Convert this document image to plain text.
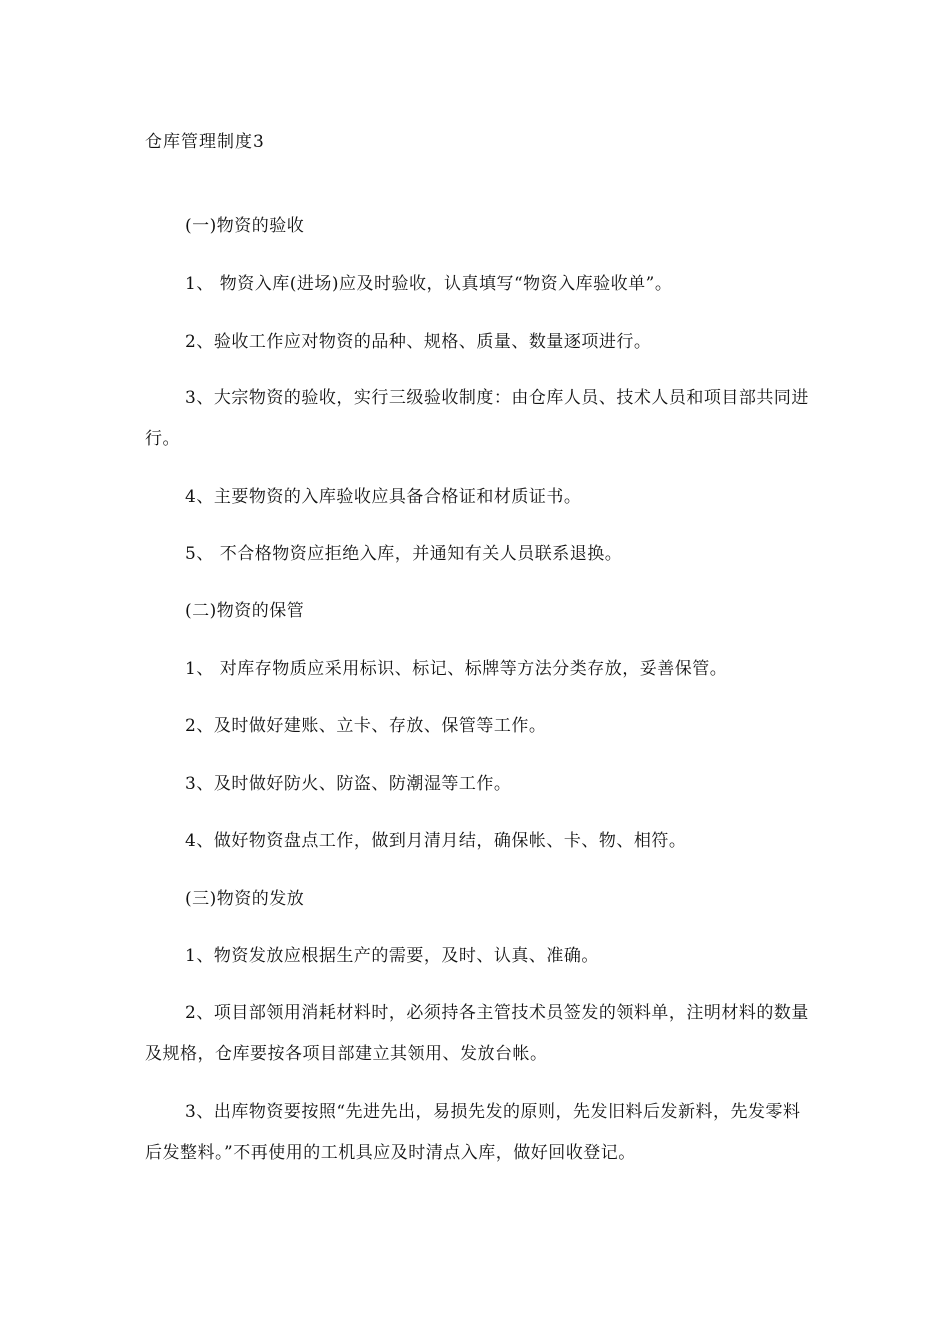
仓库管理制度3

(一)物资的验收

1、 物资入库(进场)应及时验收，认真填写“物资入库验收单”。

2、验收工作应对物资的品种、规格、质量、数量逐项进行。

3、大宗物资的验收，实行三级验收制度：由仓库人员、技术人员和项目部共同进行。

4、主要物资的入库验收应具备合格证和材质证书。

5、 不合格物资应拒绝入库，并通知有关人员联系退换。

(二)物资的保管

1、 对库存物质应采用标识、标记、标牌等方法分类存放，妥善保管。

2、及时做好建账、立卡、存放、保管等工作。

3、及时做好防火、防盗、防潮湿等工作。

4、做好物资盘点工作，做到月清月结，确保帐、卡、物、相符。

(三)物资的发放

1、物资发放应根据生产的需要，及时、认真、准确。

2、项目部领用消耗材料时，必须持各主管技术员签发的领料单，注明材料的数量及规格，仓库要按各项目部建立其领用、发放台帐。

3、出库物资要按照“先进先出，易损先发的原则，先发旧料后发新料，先发零料后发整料。”不再使用的工机具应及时清点入库，做好回收登记。
